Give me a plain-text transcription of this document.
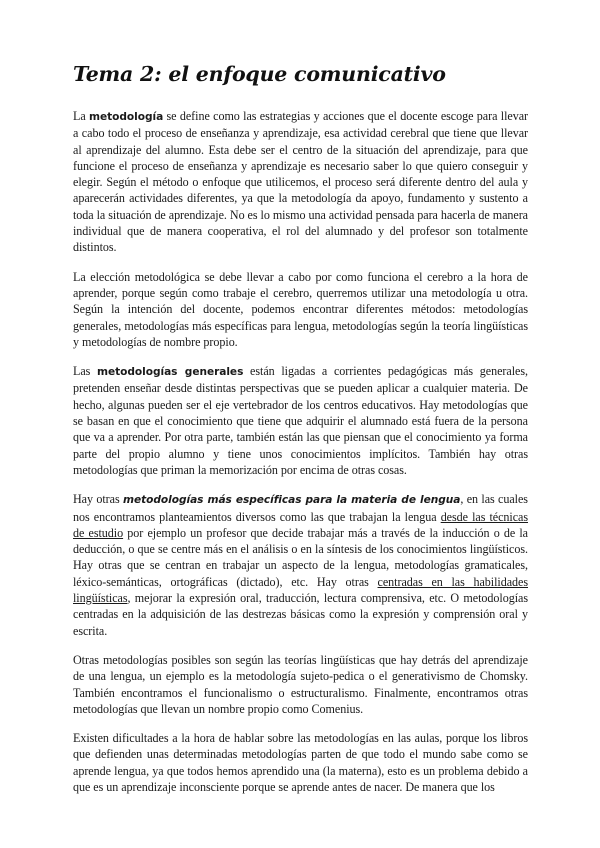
Tema 2: el enfoque comunicativo

La metodología se define como las estrategias y acciones que el docente escoge para llevar a cabo todo el proceso de enseñanza y aprendizaje, esa actividad cerebral que tiene que llevar al aprendizaje del alumno. Esta debe ser el centro de la situación del aprendizaje, para que funcione el proceso de enseñanza y aprendizaje es necesario saber lo que quiero conseguir y elegir. Según el método o enfoque que utilicemos, el proceso será diferente dentro del aula y aparecerán actividades diferentes, ya que la metodología da apoyo, fundamento y sustento a toda la situación de aprendizaje. No es lo mismo una actividad pensada para hacerla de manera individual que de manera cooperativa, el rol del alumnado y del profesor son totalmente distintos.

La elección metodológica se debe llevar a cabo por como funciona el cerebro a la hora de aprender, porque según como trabaje el cerebro, querremos utilizar una metodología u otra. Según la intención del docente, podemos encontrar diferentes métodos: metodologías generales, metodologías más específicas para lengua, metodologías según la teoría lingüísticas y metodologías de nombre propio.

Las metodologías generales están ligadas a corrientes pedagógicas más generales, pretenden enseñar desde distintas perspectivas que se pueden aplicar a cualquier materia. De hecho, algunas pueden ser el eje vertebrador de los centros educativos. Hay metodologías que se basan en que el conocimiento que tiene que adquirir el alumnado está fuera de la persona que va a aprender. Por otra parte, también están las que piensan que el conocimiento ya forma parte del propio alumno y tiene unos conocimientos implícitos. También hay otras metodologías que priman la memorización por encima de otras cosas.

Hay otras metodologías más específicas para la materia de lengua, en las cuales nos encontramos planteamientos diversos como las que trabajan la lengua desde las técnicas de estudio por ejemplo un profesor que decide trabajar más a través de la inducción o de la deducción, o que se centre más en el análisis o en la síntesis de los conocimientos lingüísticos. Hay otras que se centran en trabajar un aspecto de la lengua, metodologías gramaticales, léxico-semánticas, ortográficas (dictado), etc. Hay otras centradas en las habilidades lingüísticas, mejorar la expresión oral, traducción, lectura comprensiva, etc. O metodologías centradas en la adquisición de las destrezas básicas como la expresión y comprensión oral y escrita.

Otras metodologías posibles son según las teorías lingüísticas que hay detrás del aprendizaje de una lengua, un ejemplo es la metodología sujeto-pedica o el generativismo de Chomsky. También encontramos el funcionalismo o estructuralismo. Finalmente, encontramos otras metodologías que llevan un nombre propio como Comenius.

Existen dificultades a la hora de hablar sobre las metodologías en las aulas, porque los libros que defienden unas determinadas metodologías parten de que todo el mundo sabe como se aprende lengua, ya que todos hemos aprendido una (la materna), esto es un problema debido a que es un aprendizaje inconsciente porque se aprende antes de nacer. De manera que los
